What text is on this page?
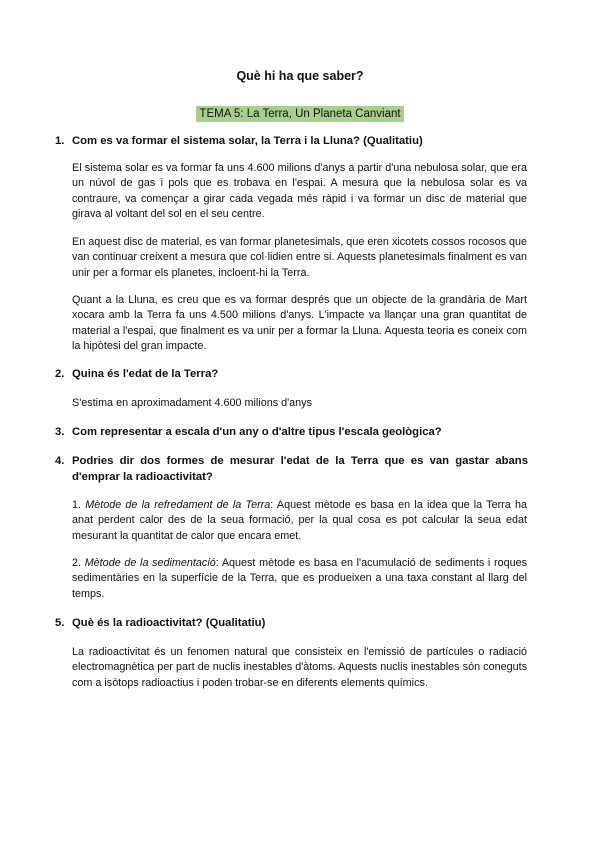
Què hi ha que saber?
TEMA 5: La Terra, Un Planeta Canviant
1. Com es va formar el sistema solar, la Terra i la Lluna? (Qualitatiu)
El sistema solar es va formar fa uns 4.600 milions d'anys a partir d'una nebulosa solar, que era un núvol de gas i pols que es trobava en l'espai. A mesura que la nebulosa solar es va contraure, va començar a girar cada vegada més ràpid i va formar un disc de material que girava al voltant del sol en el seu centre.
En aquest disc de material, es van formar planetesimals, que eren xicotets cossos rocosos que van continuar creixent a mesura que col·lidien entre si. Aquests planetesimals finalment es van unir per a formar els planetes, incloent-hi la Terra.
Quant a la Lluna, es creu que es va formar després que un objecte de la grandària de Mart xocara amb la Terra fa uns 4.500 milions d'anys. L'impacte va llançar una gran quantitat de material a l'espai, que finalment es va unir per a formar la Lluna. Aquesta teoria es coneix com la hipòtesi del gran impacte.
2. Quina és l'edat de la Terra?
S'estima en aproximadament 4.600 milions d'anys
3. Com representar a escala d'un any o d'altre tipus l'escala geològica?
4. Podries dir dos formes de mesurar l'edat de la Terra que es van gastar abans d'emprar la radioactivitat?
1. Mètode de la refredament de la Terra: Aquest mètode es basa en la idea que la Terra ha anat perdent calor des de la seua formació, per la qual cosa es pot calcular la seua edat mesurant la quantitat de calor que encara emet.
2. Mètode de la sedimentació: Aquest mètode es basa en l'acumulació de sediments i roques sedimentàries en la superfície de la Terra, que es produeixen a una taxa constant al llarg del temps.
5. Què és la radioactivitat? (Qualitatiu)
La radioactivitat és un fenomen natural que consisteix en l'emissió de partícules o radiació electromagnètica per part de nuclis inestables d'àtoms. Aquests nuclis inestables són coneguts com a isòtops radioactius i poden trobar-se en diferents elements químics.
